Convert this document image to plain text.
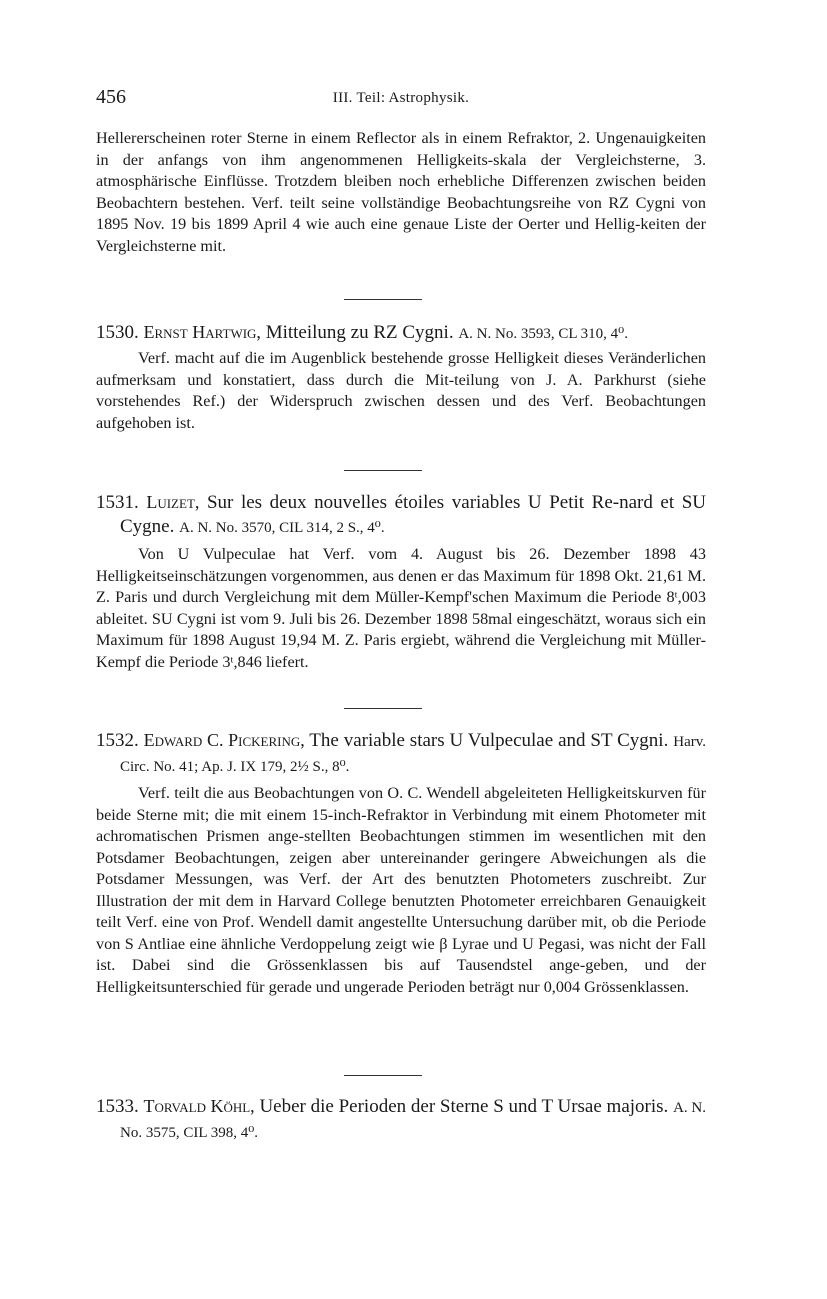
456	III. Teil: Astrophysik.

Hellererscheinen roter Sterne in einem Reflector als in einem Refraktor, 2. Ungenauigkeiten in der anfangs von ihm angenommenen Helligkeits-skala der Vergleichsterne, 3. atmosphärische Einflüsse. Trotzdem bleiben noch erhebliche Differenzen zwischen beiden Beobachtern bestehen. Verf. teilt seine vollständige Beobachtungsreihe von RZ Cygni von 1895 Nov. 19 bis 1899 April 4 wie auch eine genaue Liste der Oerter und Hellig-keiten der Vergleichsterne mit.

1530. Ernst Hartwig, Mitteilung zu RZ Cygni. A. N. No. 3593, CL 310, 4⁰.

Verf. macht auf die im Augenblick bestehende grosse Helligkeit dieses Veränderlichen aufmerksam und konstatiert, dass durch die Mit-teilung von J. A. Parkhurst (siehe vorstehendes Ref.) der Widerspruch zwischen dessen und des Verf. Beobachtungen aufgehoben ist.

1531. Luizet, Sur les deux nouvelles étoiles variables U Petit Re-nard et SU Cygne. A. N. No. 3570, CIL 314, 2 S., 4⁰.

Von U Vulpeculae hat Verf. vom 4. August bis 26. Dezember 1898 43 Helligkeitseinschätzungen vorgenommen, aus denen er das Maximum für 1898 Okt. 21,61 M. Z. Paris und durch Vergleichung mit dem Müller-Kempf'schen Maximum die Periode 8ᵗ,003 ableitet. SU Cygni ist vom 9. Juli bis 26. Dezember 1898 58mal eingeschätzt, woraus sich ein Maximum für 1898 August 19,94 M. Z. Paris ergiebt, während die Vergleichung mit Müller-Kempf die Periode 3ᵗ,846 liefert.

1532. Edward C. Pickering, The variable stars U Vulpeculae and ST Cygni. Harv. Circ. No. 41; Ap. J. IX 179, 2½ S., 8⁰.

Verf. teilt die aus Beobachtungen von O. C. Wendell abgeleiteten Helligkeitskurven für beide Sterne mit; die mit einem 15-inch-Refraktor in Verbindung mit einem Photometer mit achromatischen Prismen ange-stellten Beobachtungen stimmen im wesentlichen mit den Potsdamer Beobachtungen, zeigen aber untereinander geringere Abweichungen als die Potsdamer Messungen, was Verf. der Art des benutzten Photometers zuschreibt. Zur Illustration der mit dem in Harvard College benutzten Photometer erreichbaren Genauigkeit teilt Verf. eine von Prof. Wendell damit angestellte Untersuchung darüber mit, ob die Periode von S Antliae eine ähnliche Verdoppelung zeigt wie β Lyrae und U Pegasi, was nicht der Fall ist. Dabei sind die Grössenklassen bis auf Tausendstel ange-geben, und der Helligkeitsunterschied für gerade und ungerade Perioden beträgt nur 0,004 Grössenklassen.

1533. Torvald Köhl, Ueber die Perioden der Sterne S und T Ursae majoris. A. N. No. 3575, CIL 398, 4⁰.
